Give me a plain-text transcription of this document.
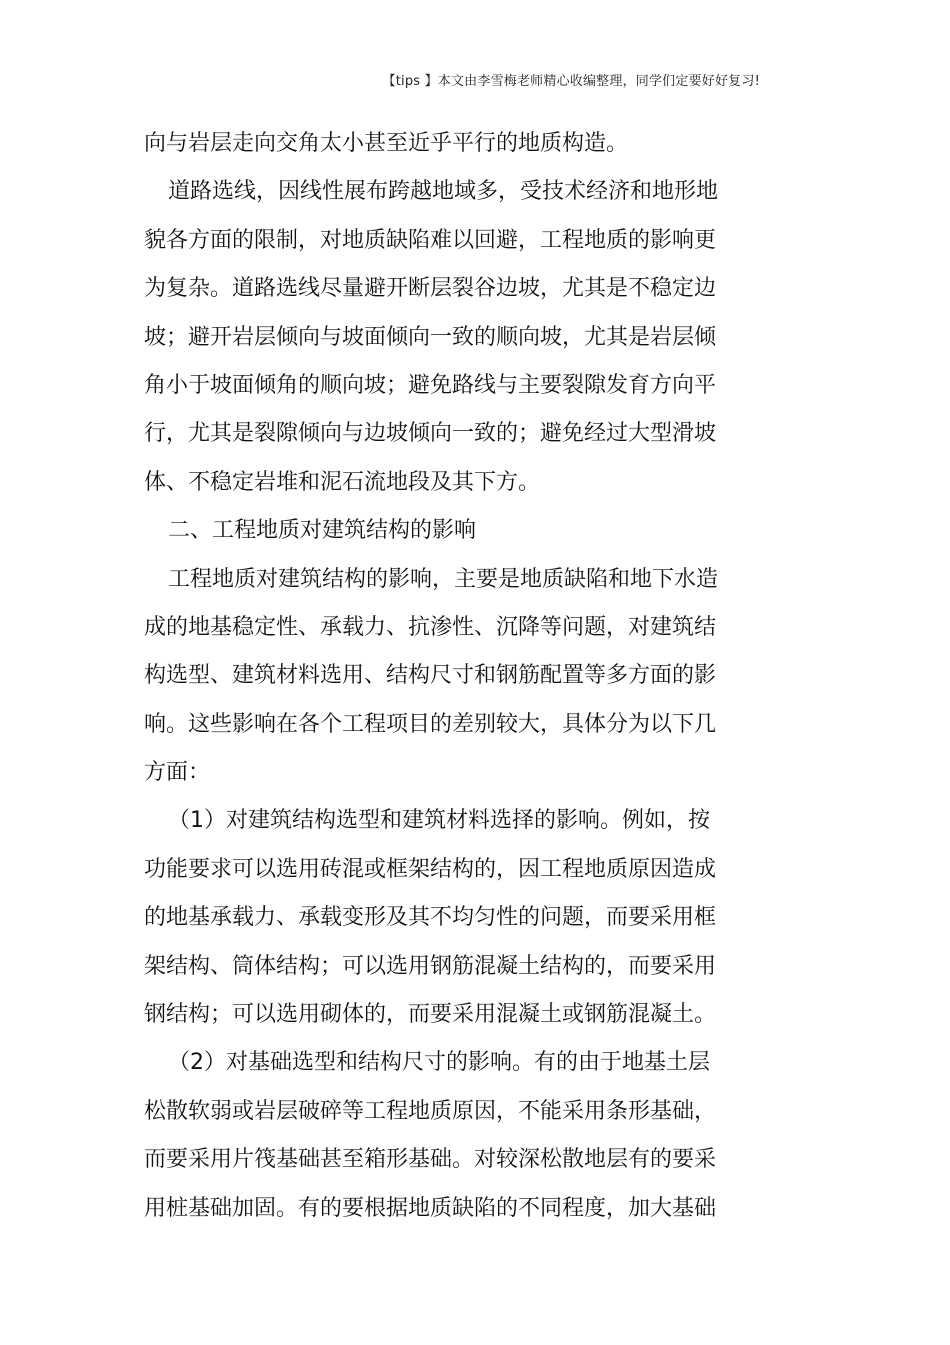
【tips 】本文由李雪梅老师精心收编整理，同学们定要好好复习!
向与岩层走向交角太小甚至近乎平行的地质构造。
道路选线，因线性展布跨越地域多，受技术经济和地形地
貌各方面的限制，对地质缺陷难以回避，工程地质的影响更
为复杂。道路选线尽量避开断层裂谷边坡，尤其是不稳定边
坡；避开岩层倾向与坡面倾向一致的顺向坡，尤其是岩层倾
角小于坡面倾角的顺向坡；避免路线与主要裂隙发育方向平
行，尤其是裂隙倾向与边坡倾向一致的；避免经过大型滑坡
体、不稳定岩堆和泥石流地段及其下方。
二、工程地质对建筑结构的影响
工程地质对建筑结构的影响，主要是地质缺陷和地下水造
成的地基稳定性、承载力、抗渗性、沉降等问题，对建筑结
构选型、建筑材料选用、结构尺寸和钢筋配置等多方面的影
响。这些影响在各个工程项目的差别较大，具体分为以下几
方面：
（1）对建筑结构选型和建筑材料选择的影响。例如，按
功能要求可以选用砖混或框架结构的，因工程地质原因造成
的地基承载力、承载变形及其不均匀性的问题，而要采用框
架结构、筒体结构；可以选用钢筋混凝土结构的，而要采用
钢结构；可以选用砌体的，而要采用混凝土或钢筋混凝土。
（2）对基础选型和结构尺寸的影响。有的由于地基土层
松散软弱或岩层破碎等工程地质原因，不能采用条形基础，
而要采用片筏基础甚至箱形基础。对较深松散地层有的要采
用桩基础加固。有的要根据地质缺陷的不同程度，加大基础
